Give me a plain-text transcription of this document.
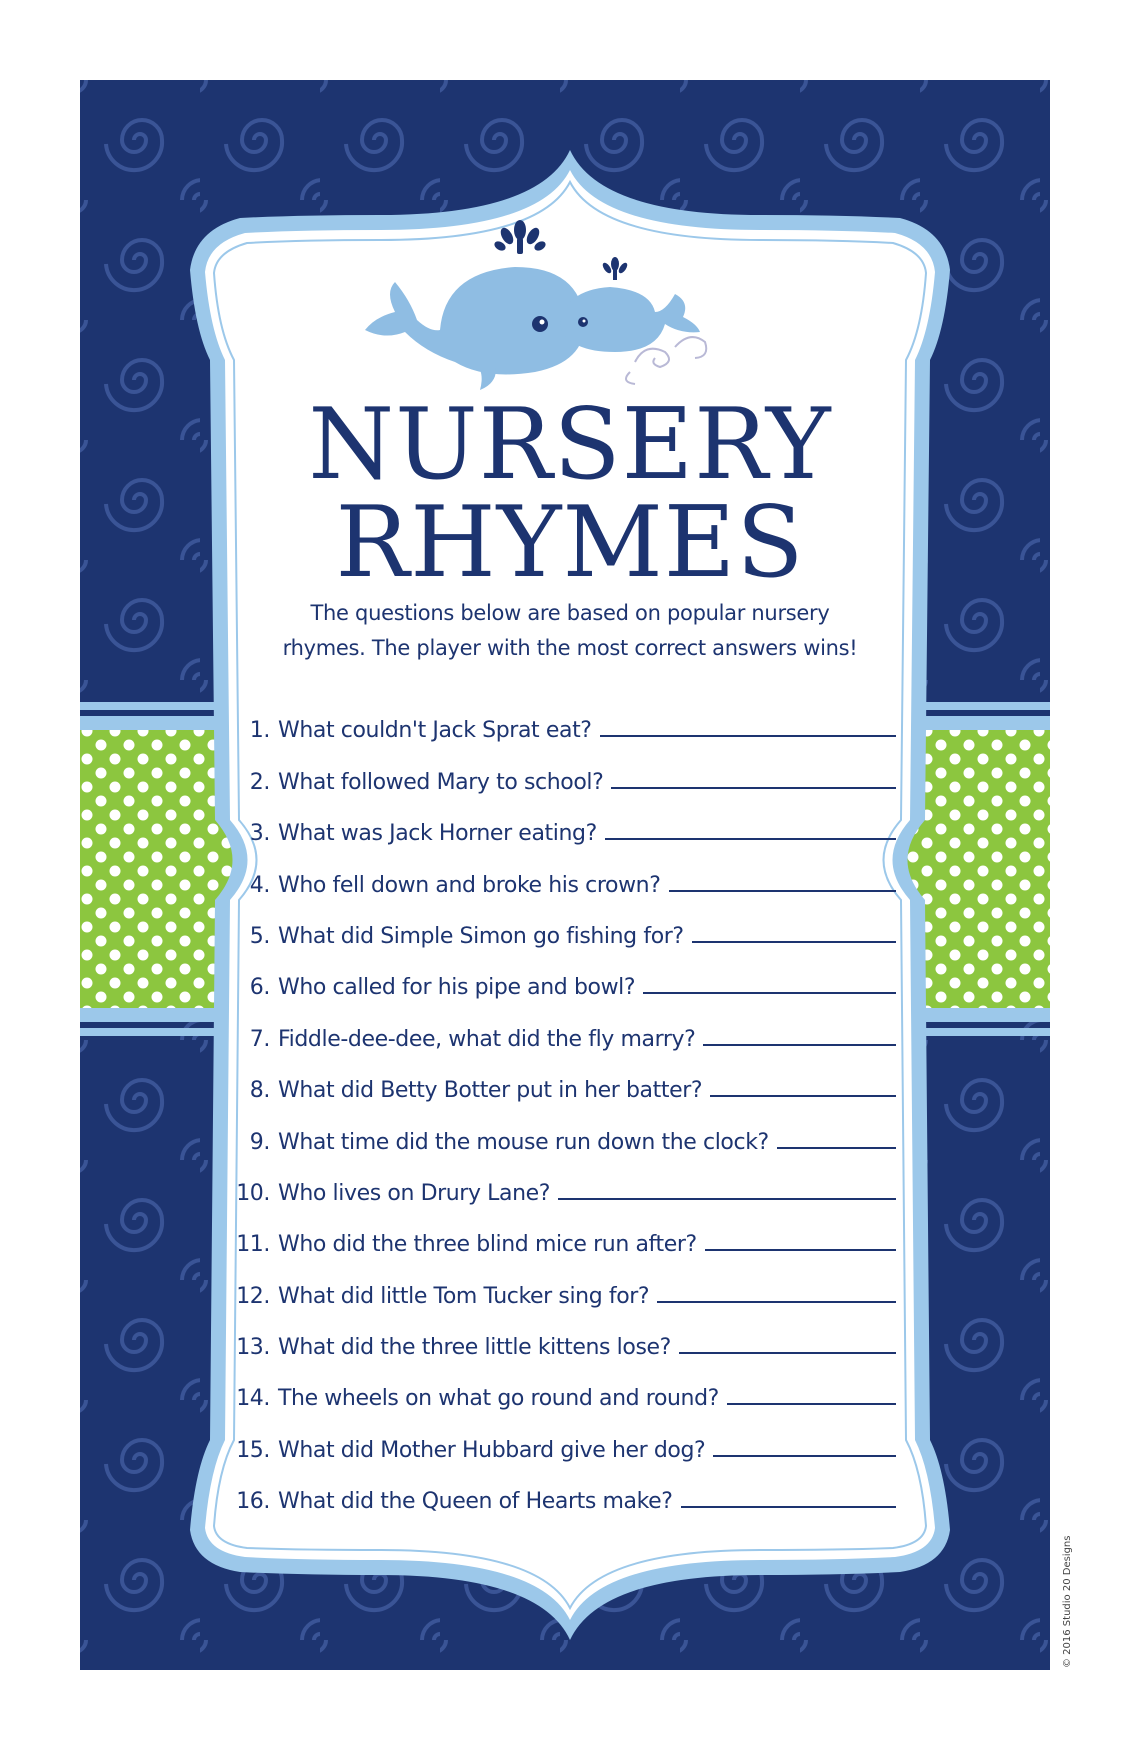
NURSERY
RHYMES
The questions below are based on popular nursery
rhymes. The player with the most correct answers wins!
1. What couldn't Jack Sprat eat?
2. What followed Mary to school?
3. What was Jack Horner eating?
4. Who fell down and broke his crown?
5. What did Simple Simon go fishing for?
6. Who called for his pipe and bowl?
7. Fiddle-dee-dee, what did the fly marry?
8. What did Betty Botter put in her batter?
9. What time did the mouse run down the clock?
10. Who lives on Drury Lane?
11. Who did the three blind mice run after?
12. What did little Tom Tucker sing for?
13. What did the three little kittens lose?
14. The wheels on what go round and round?
15. What did Mother Hubbard give her dog?
16. What did the Queen of Hearts make?
© 2016 Studio 20 Designs
